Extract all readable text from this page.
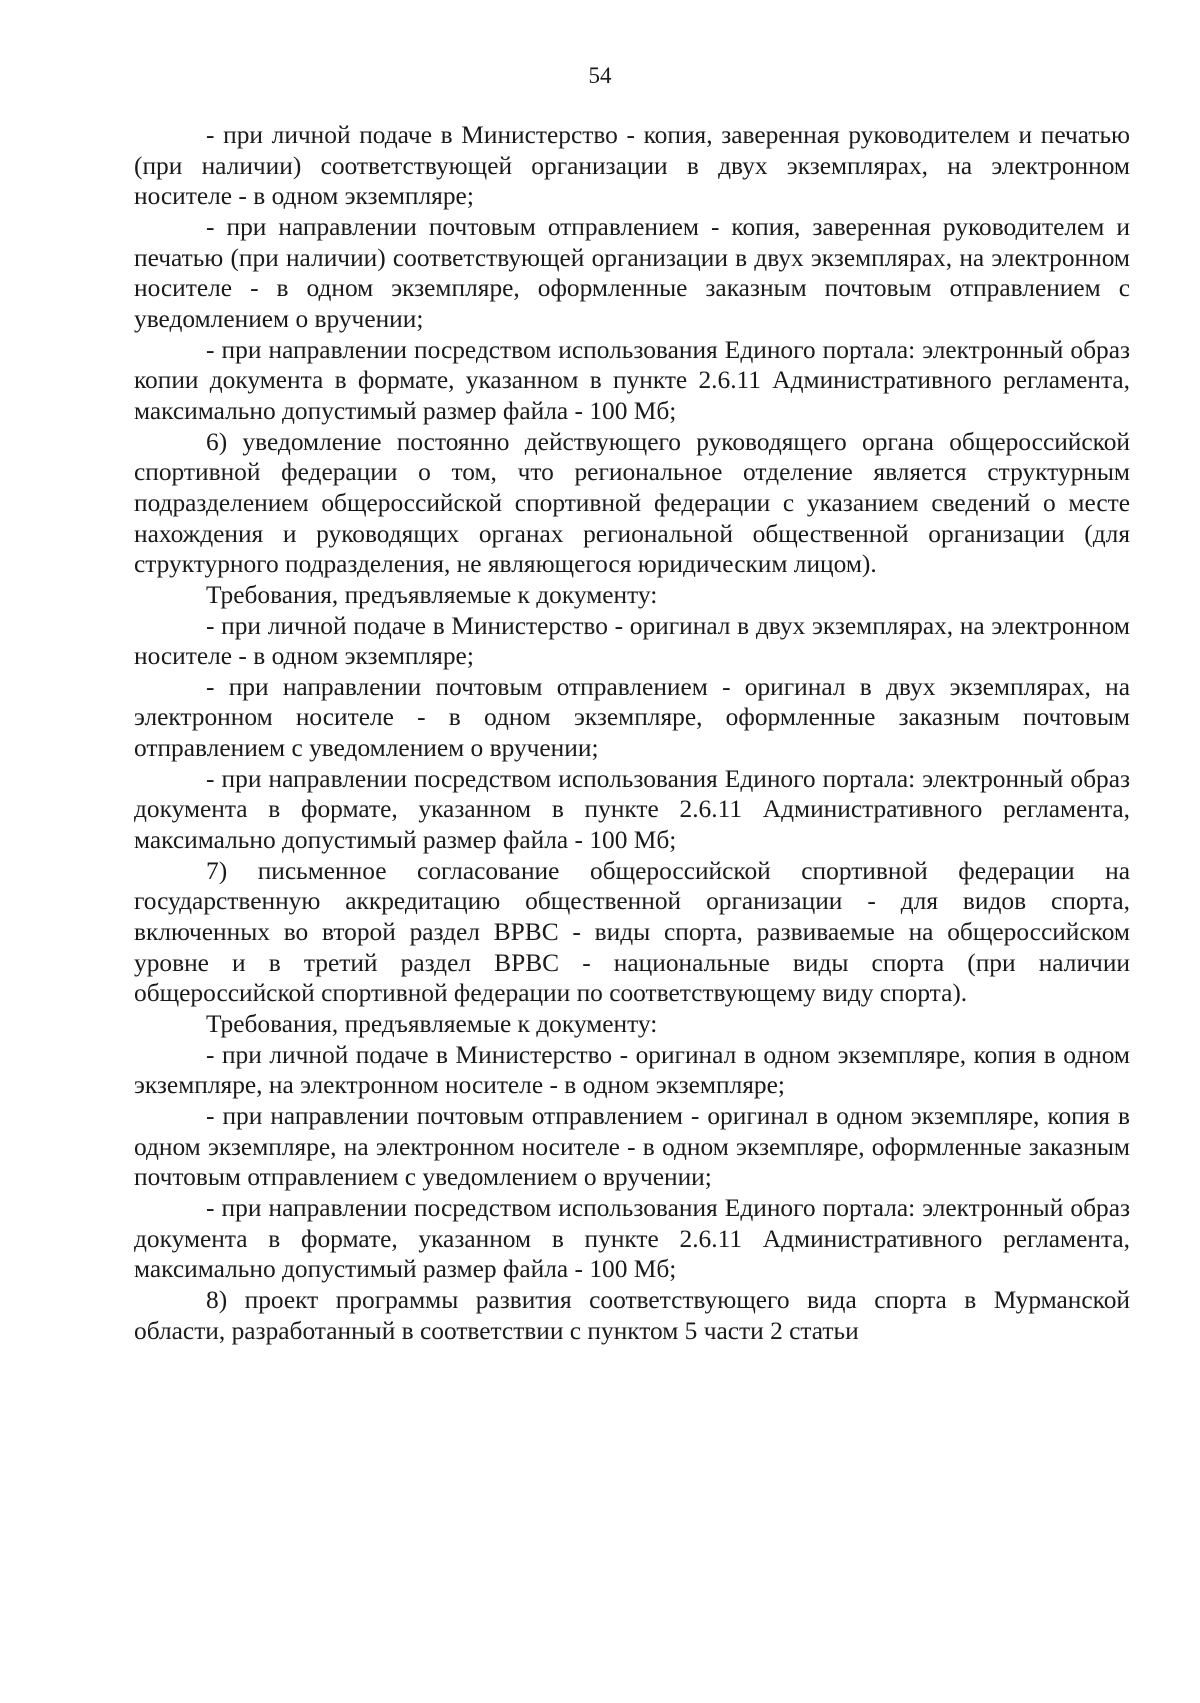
54

- при личной подаче в Министерство - копия, заверенная руководителем и печатью (при наличии) соответствующей организации в двух экземплярах, на электронном носителе - в одном экземпляре;

- при направлении почтовым отправлением - копия, заверенная руководителем и печатью (при наличии) соответствующей организации в двух экземплярах, на электронном носителе - в одном экземпляре, оформленные заказным почтовым отправлением с уведомлением о вручении;

- при направлении посредством использования Единого портала: электронный образ копии документа в формате, указанном в пункте 2.6.11 Административного регламента, максимально допустимый размер файла - 100 Мб;

6) уведомление постоянно действующего руководящего органа общероссийской спортивной федерации о том, что региональное отделение является структурным подразделением общероссийской спортивной федерации с указанием сведений о месте нахождения и руководящих органах региональной общественной организации (для структурного подразделения, не являющегося юридическим лицом).

Требования, предъявляемые к документу:

- при личной подаче в Министерство - оригинал в двух экземплярах, на электронном носителе - в одном экземпляре;

- при направлении почтовым отправлением - оригинал в двух экземплярах, на электронном носителе - в одном экземпляре, оформленные заказным почтовым отправлением с уведомлением о вручении;

- при направлении посредством использования Единого портала: электронный образ документа в формате, указанном в пункте 2.6.11 Административного регламента, максимально допустимый размер файла - 100 Мб;

7) письменное согласование общероссийской спортивной федерации на государственную аккредитацию общественной организации - для видов спорта, включенных во второй раздел ВРВС - виды спорта, развиваемые на общероссийском уровне и в третий раздел ВРВС - национальные виды спорта (при наличии общероссийской спортивной федерации по соответствующему виду спорта).

Требования, предъявляемые к документу:

- при личной подаче в Министерство - оригинал в одном экземпляре, копия в одном экземпляре, на электронном носителе - в одном экземпляре;

- при направлении почтовым отправлением - оригинал в одном экземпляре, копия в одном экземпляре, на электронном носителе - в одном экземпляре, оформленные заказным почтовым отправлением с уведомлением о вручении;

- при направлении посредством использования Единого портала: электронный образ документа в формате, указанном в пункте 2.6.11 Административного регламента, максимально допустимый размер файла - 100 Мб;

8) проект программы развития соответствующего вида спорта в Мурманской области, разработанный в соответствии с пунктом 5 части 2 статьи
